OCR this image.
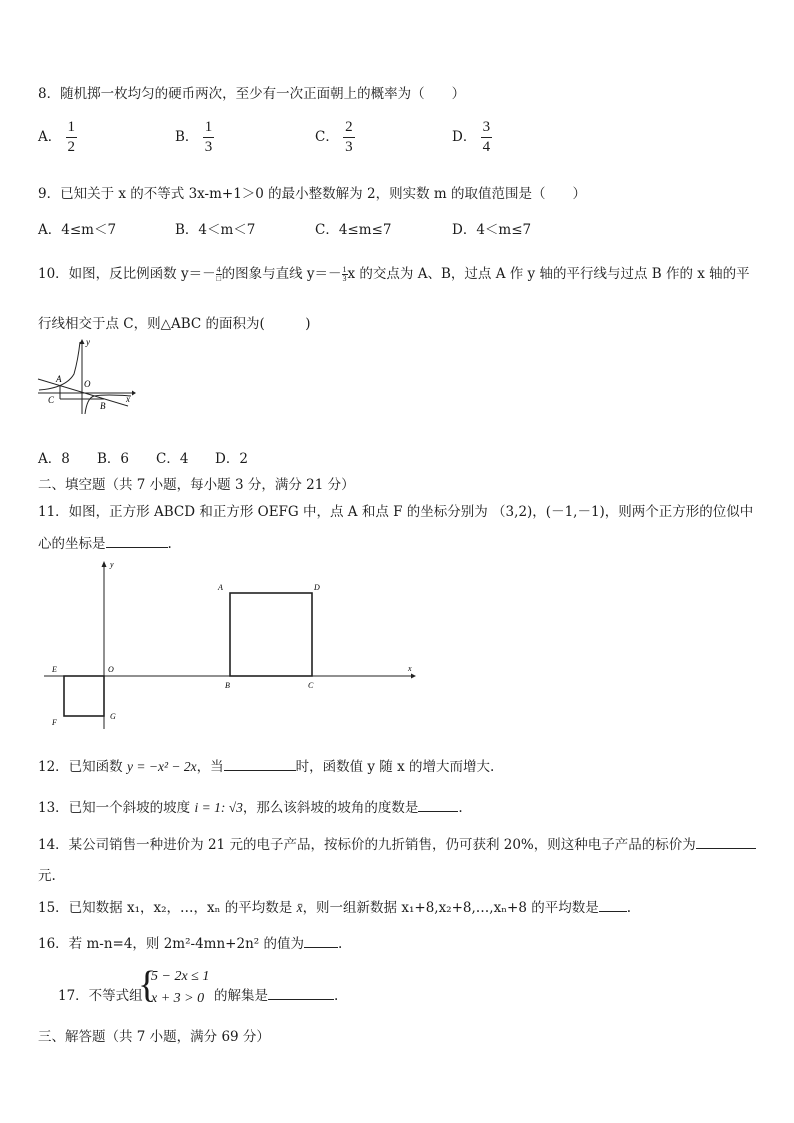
8．随机掷一枚均匀的硬币两次，至少有一次正面朝上的概率为（　　）
A． $\frac{1}{2}$	B． $\frac{1}{3}$	C． $\frac{2}{3}$	D． $\frac{3}{4}$
9．已知关于 x 的不等式 3x-m+1＞0 的最小整数解为 2，则实数 m 的取值范围是（　　）
A．4≤m＜7	B．4＜m＜7	C．4≤m≤7	D．4＜m≤7
10．如图，反比例函数 $y=- \frac{4}{□}$ 的图象与直线 $y=- \frac{1}{3}$ x 的交点为 A、B，过点 A 作 y 轴的平行线与过点 B 作的 x 轴的平
行线相交于点 C，则△ABC 的面积为(　　　)
y
x
A	O
C
B
A．8 B．6 C．4 D．2
二、填空题（共 7 小题，每小题 3 分，满分 21 分）
11．如图，正方形 ABCD 和正方形 OEFG 中，点 A 和点 F 的坐标分别为 （3,2)，(－1,－1)，则两个正方形的位似中
心的坐标是	.
y
x
A	D
B	C
E	O
F
G
12．已知函数 y = −x² − 2x，当	时，函数值 y 随 x 的增大而增大.
13．已知一个斜坡的坡度 i = 1: √3，那么该斜坡的坡角的度数是	.
14．某公司销售一种进价为 21 元的电子产品，按标价的九折销售，仍可获利 20%，则这种电子产品的标价为
元.
15．已知数据 x₁，x₂，…，xₙ 的平均数是 x̄，则一组新数据 x₁+8,x₂+8,…,xₙ+8 的平均数是 .
16．若 m-n=4，则 2m²-4mn+2n² 的值为	.
17．不等式组
{
5 − 2x ≤ 1
x + 3 > 0 的解集是	.
三、解答题（共 7 小题，满分 69 分）
